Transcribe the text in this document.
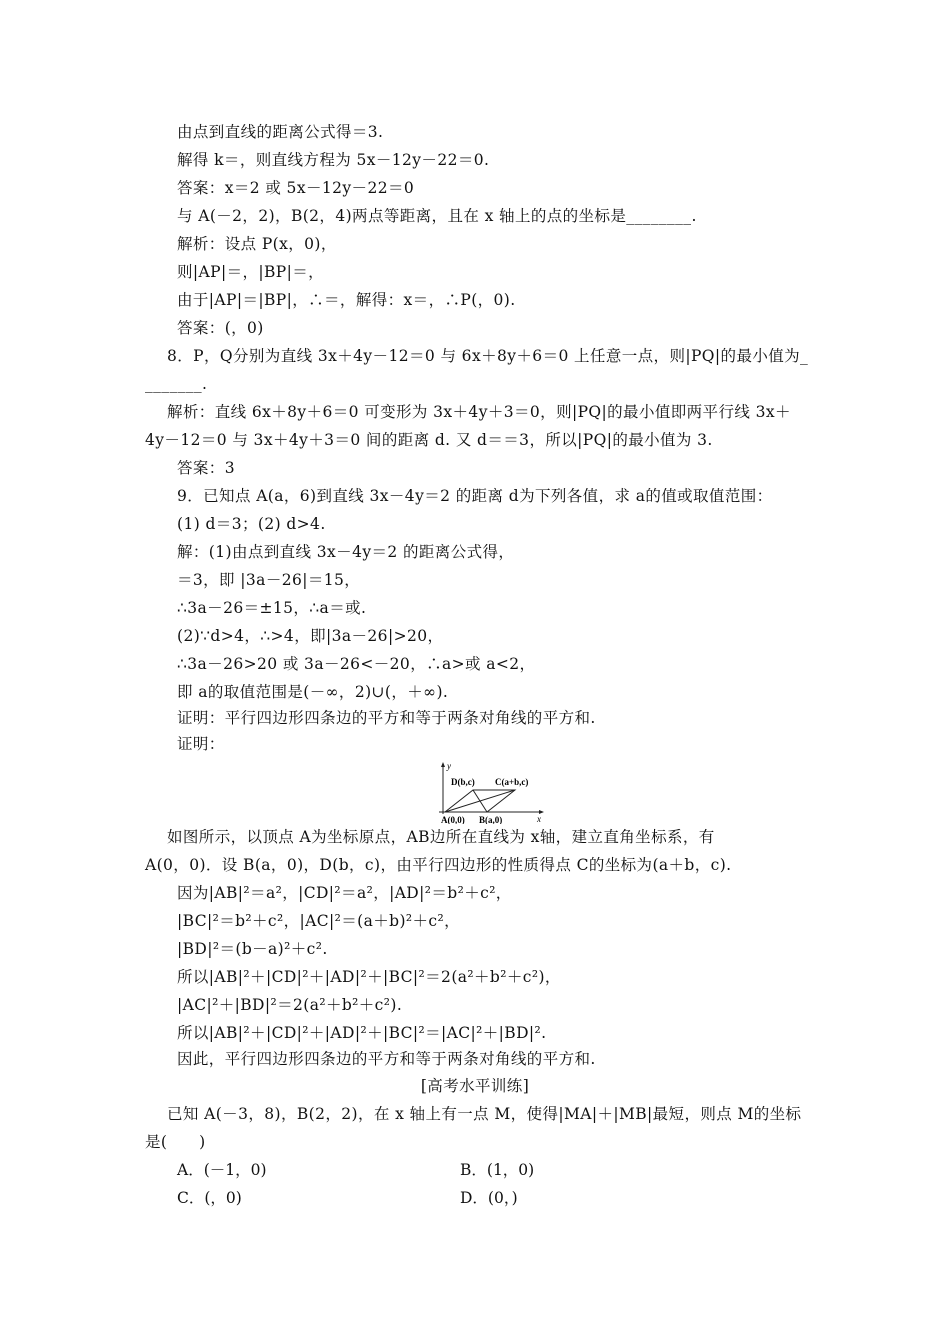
由点到直线的距离公式得＝3.
解得 k＝，则直线方程为 5x－12y－22＝0.
答案：x＝2 或 5x－12y－22＝0
与 A(－2，2)，B(2，4)两点等距离，且在 x 轴上的点的坐标是________.
解析：设点 P(x，0)，
则|AP|＝，|BP|＝，
由于|AP|＝|BP|，∴＝，解得：x＝，∴P(，0).
答案：(，0)
8．P，Q分别为直线 3x＋4y－12＝0 与 6x＋8y＋6＝0 上任意一点，则|PQ|的最小值为_
_______.
解析：直线 6x＋8y＋6＝0 可变形为 3x＋4y＋3＝0，则|PQ|的最小值即两平行线 3x＋
4y－12＝0 与 3x＋4y＋3＝0 间的距离 d. 又 d＝＝3，所以|PQ|的最小值为 3.
答案：3
9．已知点 A(a，6)到直线 3x－4y＝2 的距离 d为下列各值，求 a的值或取值范围：
(1) d＝3；(2) d>4.
解：(1)由点到直线 3x－4y＝2 的距离公式得，
＝3，即 |3a－26|＝15，
∴3a－26＝±15，∴a＝或.
(2)∵d>4，∴>4，即|3a－26|>20，
∴3a－26>20 或 3a－26<－20，∴a>或 a<2，
即 a的取值范围是(－∞，2)∪(，＋∞).
证明：平行四边形四条边的平方和等于两条对角线的平方和.
证明：
y
x
D(b,c) C(a+b,c)
A(0,0) B(a,0)
如图所示，以顶点 A为坐标原点，AB边所在直线为 x轴，建立直角坐标系，有
A(0，0)．设 B(a，0)，D(b，c)，由平行四边形的性质得点 C的坐标为(a＋b，c).
因为|AB|²＝a²，|CD|²＝a²，|AD|²＝b²＋c²，
|BC|²＝b²＋c²，|AC|²＝(a＋b)²＋c²，
|BD|²＝(b－a)²＋c².
所以|AB|²＋|CD|²＋|AD|²＋|BC|²＝2(a²＋b²＋c²)，
|AC|²＋|BD|²＝2(a²＋b²＋c²).
所以|AB|²＋|CD|²＋|AD|²＋|BC|²＝|AC|²＋|BD|².
因此，平行四边形四条边的平方和等于两条对角线的平方和.
[高考水平训练]
已知 A(－3，8)，B(2，2)，在 x 轴上有一点 M，使得|MA|＋|MB|最短，则点 M的坐标
是(　　)
A．(－1，0)	B．(1，0)
C．(，0)	D．(0，)
